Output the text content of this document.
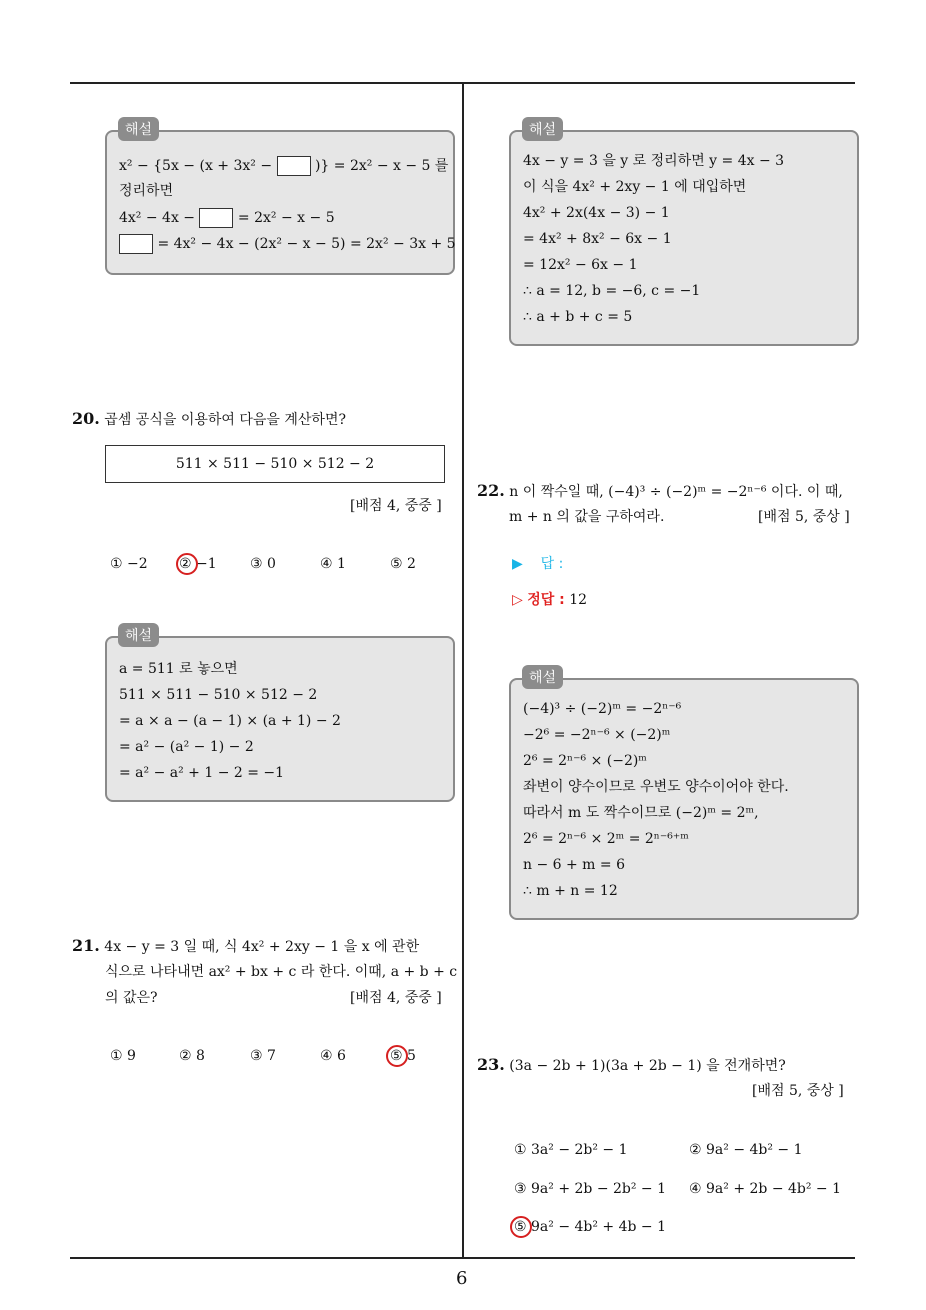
x² − {5x − (x + 3x² −  )} = 2x² − x − 5 를
정리하면
4x² − 4x −  = 2x² − x − 5
= 4x² − 4x − (2x² − x − 5) = 2x² − 3x + 5
해설
20. 곱셈 공식을 이용하여 다음을 계산하면?
511 × 511 − 510 × 512 − 2
[배점 4, 중중 ]
① −2 ② −1 ③ 0	④ 1	⑤ 2
a = 511 로 놓으면
511 × 511 − 510 × 512 − 2
= a × a − (a − 1) × (a + 1) − 2
= a² − (a² − 1) − 2
= a² − a² + 1 − 2 = −1
해설
21. 4x − y = 3 일 때, 식 4x² + 2xy − 1 을 x 에 관한
식으로 나타내면 ax² + bx + c 라 한다. 이때, a + b + c
의 값은?	[배점 4, 중중 ]
① 9	② 8	③ 7	④ 6	⑤ 5
4x − y = 3 을 y 로 정리하면 y = 4x − 3
이 식을 4x² + 2xy − 1 에 대입하면
4x² + 2x(4x − 3) − 1
= 4x² + 8x² − 6x − 1
= 12x² − 6x − 1
∴ a = 12, b = −6, c = −1
∴ a + b + c = 5
해설
22. n 이 짝수일 때, (−4)³ ÷ (−2)ᵐ = −2ⁿ⁻⁶ 이다. 이 때,
m + n 의 값을 구하여라.	[배점 5, 중상 ]
▶ 답 :
▷ 정답 : 12
(−4)³ ÷ (−2)ᵐ = −2ⁿ⁻⁶
−2⁶ = −2ⁿ⁻⁶ × (−2)ᵐ
2⁶ = 2ⁿ⁻⁶ × (−2)ᵐ
좌변이 양수이므로 우변도 양수이어야 한다.
따라서 m 도 짝수이므로 (−2)ᵐ = 2ᵐ,
2⁶ = 2ⁿ⁻⁶ × 2ᵐ = 2ⁿ⁻⁶⁺ᵐ
n − 6 + m = 6
∴ m + n = 12
해설
23. (3a − 2b + 1)(3a + 2b − 1) 을 전개하면?
[배점 5, 중상 ]
① 3a² − 2b² − 1	② 9a² − 4b² − 1
③ 9a² + 2b − 2b² − 1 ④ 9a² + 2b − 4b² − 1
⑤ 9a² − 4b² + 4b − 1
6
